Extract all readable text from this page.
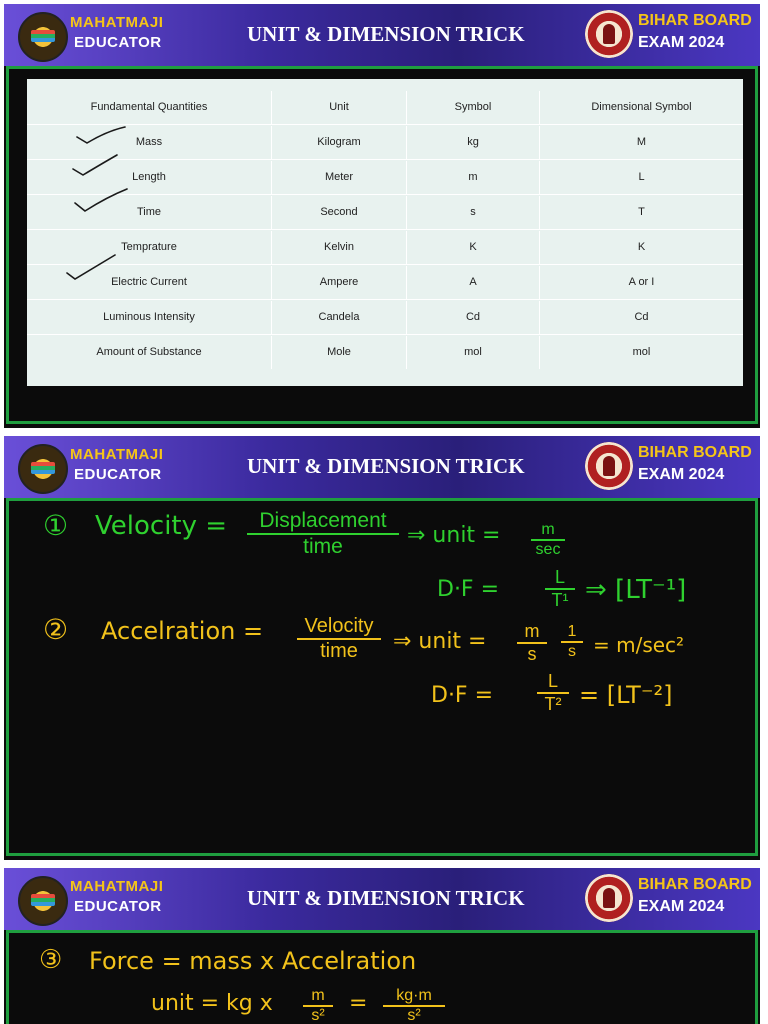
MAHATMAJI
EDUCATOR	UNIT & DIMENSION TRICK
BIHAR BOARD
EXAM 2024
Fundamental Quantities	Unit	Symbol	Dimensional Symbol
Mass	Kilogram	kg	M
Length	Meter	m	L
Time	Second	s	T
Temprature	Kelvin	K	K
Electric Current	Ampere	A	A or I
Luminous Intensity	Candela	Cd	Cd
Amount of Substance	Mole	mol	mol
MAHATMAJI
EDUCATOR	UNIT & DIMENSION TRICK
BIHAR BOARD
EXAM 2024
① Velocity =	Displacement
time	⇒ unit =	m
sec
D·F =	$\frac{L}{\text{T¹}}$ ⇒ [LT⁻¹]
② Accelration =	Velocity
time	⇒ unit = $\frac{m}{s} \frac{1}{s} = m/\sec^2$
$D\cdot F = \frac{L}{\text{T²}} = [LT^{-2}]$
MAHATMAJI
EDUCATOR	UNIT & DIMENSION TRICK
BIHAR BOARD
EXAM 2024
③ Force = mass x Accelration
unit = kg x $\frac{m}{\text{s²}} = \frac{kg\cdot m}{\text{s²}}$
